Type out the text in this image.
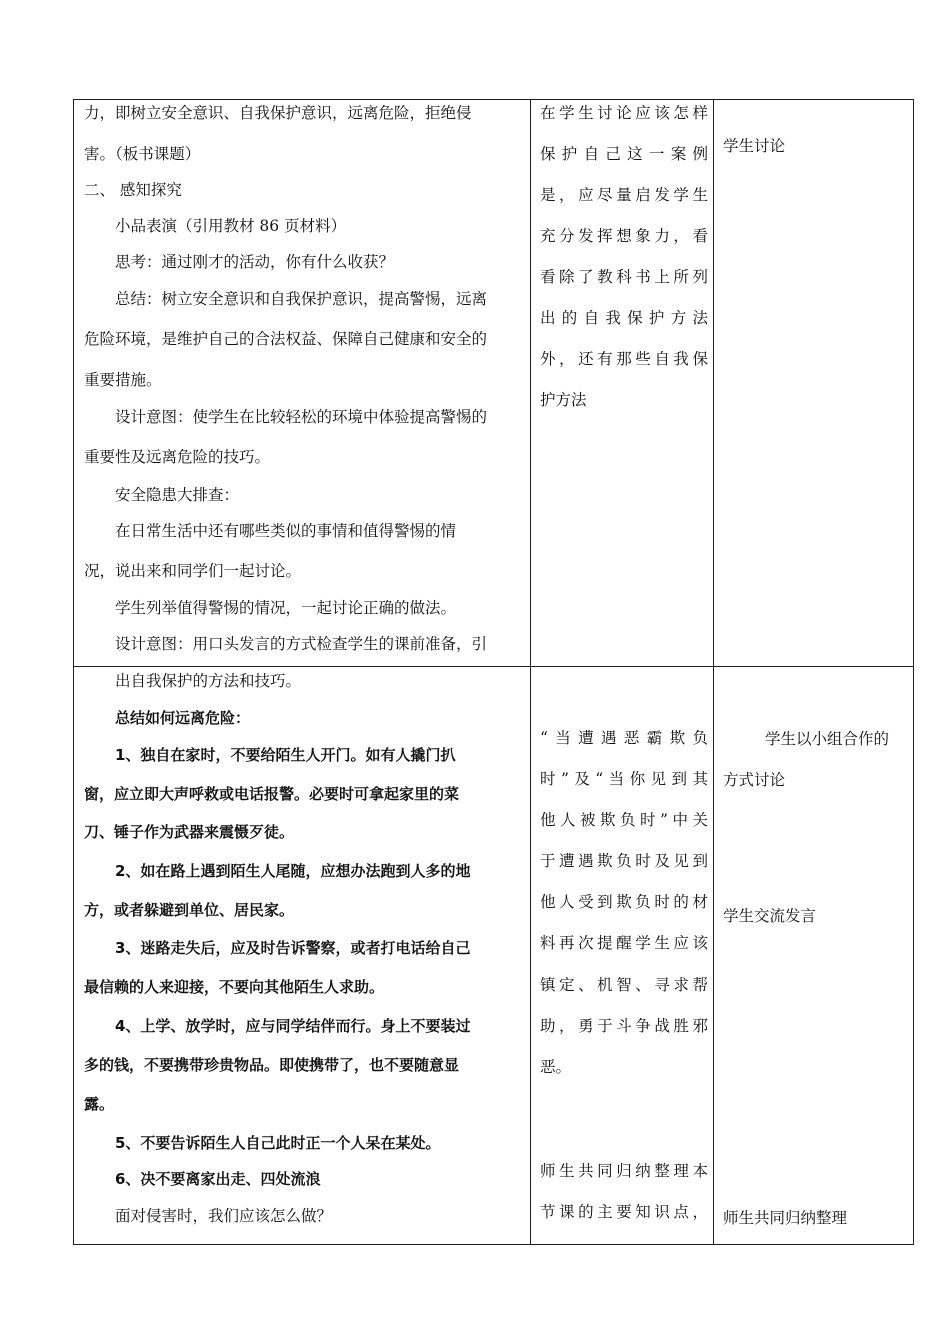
力，即树立安全意识、自我保护意识，远离危险，拒绝侵
害。（板书课题）
二、 感知探究
小品表演（引用教材 86 页材料）
思考：通过刚才的活动，你有什么收获？
总结：树立安全意识和自我保护意识，提高警惕，远离
危险环境，是维护自己的合法权益、保障自己健康和安全的
重要措施。
设计意图：使学生在比较轻松的环境中体验提高警惕的
重要性及远离危险的技巧。
安全隐患大排查：
在日常生活中还有哪些类似的事情和值得警惕的情
况，说出来和同学们一起讨论。
学生列举值得警惕的情况，一起讨论正确的做法。
设计意图：用口头发言的方式检查学生的课前准备，引
在学生讨论应该怎样
保护自己这一案例
是，应尽量启发学生
充分发挥想象力，看
看除了教科书上所列
出的自我保护方法
外，还有那些自我保
护方法
学生讨论
出自我保护的方法和技巧。
总结如何远离危险：
1、独自在家时，不要给陌生人开门。如有人撬门扒
窗，应立即大声呼救或电话报警。必要时可拿起家里的菜
刀、锤子作为武器来震慑歹徒。
2、如在路上遇到陌生人尾随，应想办法跑到人多的地
方，或者躲避到单位、居民家。
3、迷路走失后，应及时告诉警察，或者打电话给自己
最信赖的人来迎接，不要向其他陌生人求助。
4、上学、放学时，应与同学结伴而行。身上不要装过
多的钱，不要携带珍贵物品。即使携带了，也不要随意显
露。
5、不要告诉陌生人自己此时正一个人呆在某处。
6、决不要离家出走、四处流浪
面对侵害时，我们应该怎么做？
“当遭遇恶霸欺负
时”及“当你见到其
他人被欺负时”中关
于遭遇欺负时及见到
他人受到欺负时的材
料再次提醒学生应该
镇定、机智、寻求帮
助，勇于斗争战胜邪
恶。
师生共同归纳整理本
节课的主要知识点，
学生以小组合作的
方式讨论
学生交流发言
师生共同归纳整理
